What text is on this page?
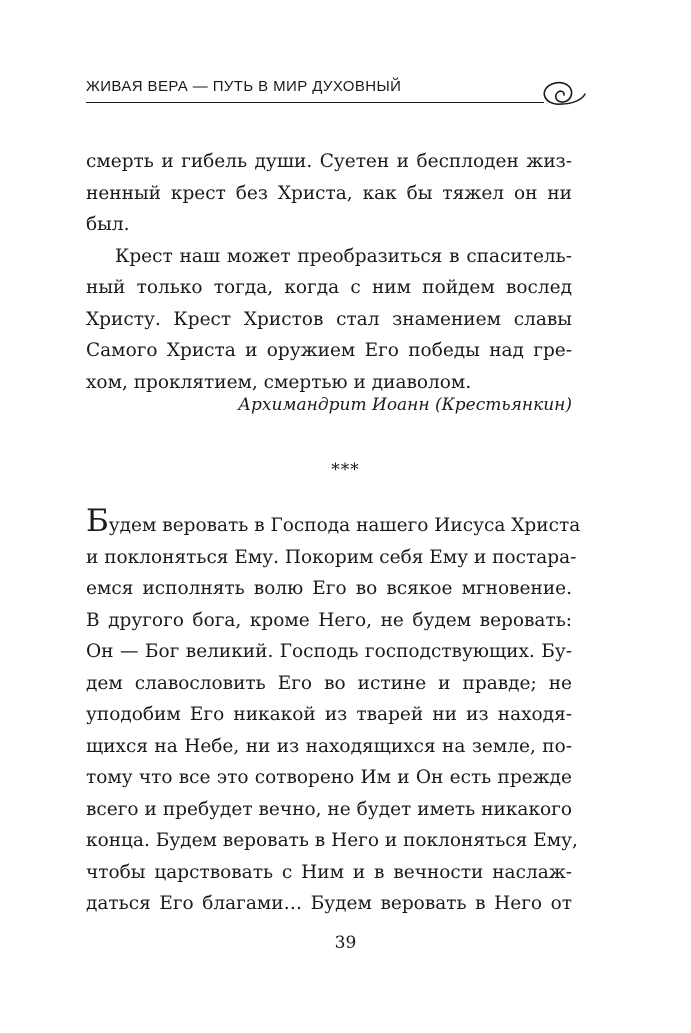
ЖИВАЯ ВЕРА — ПУТЬ В МИР ДУХОВНЫЙ
смерть и гибель души. Суетен и бесплоден жиз-
ненный крест без Христа, как бы тяжел он ни
был.
Крест наш может преобразиться в спаситель-
ный только тогда, когда с ним пойдем вослед
Христу. Крест Христов стал знамением славы
Самого Христа и оружием Его победы над гре-
хом, проклятием, смертью и диаволом.
Архимандрит Иоанн (Крестьянкин)
***
Будем веровать в Господа нашего Иисуса Христа
и поклоняться Ему. Покорим себя Ему и постара-
емся исполнять волю Его во всякое мгновение.
В другого бога, кроме Него, не будем веровать:
Он — Бог великий. Господь господствующих. Бу-
дем славословить Его во истине и правде; не
уподобим Его никакой из тварей ни из находя-
щихся на Небе, ни из находящихся на земле, по-
тому что все это сотворено Им и Он есть прежде
всего и пребудет вечно, не будет иметь никакого
конца. Будем веровать в Него и поклоняться Ему,
чтобы царствовать с Ним и в вечности наслаж-
даться Его благами… Будем веровать в Него от
39
